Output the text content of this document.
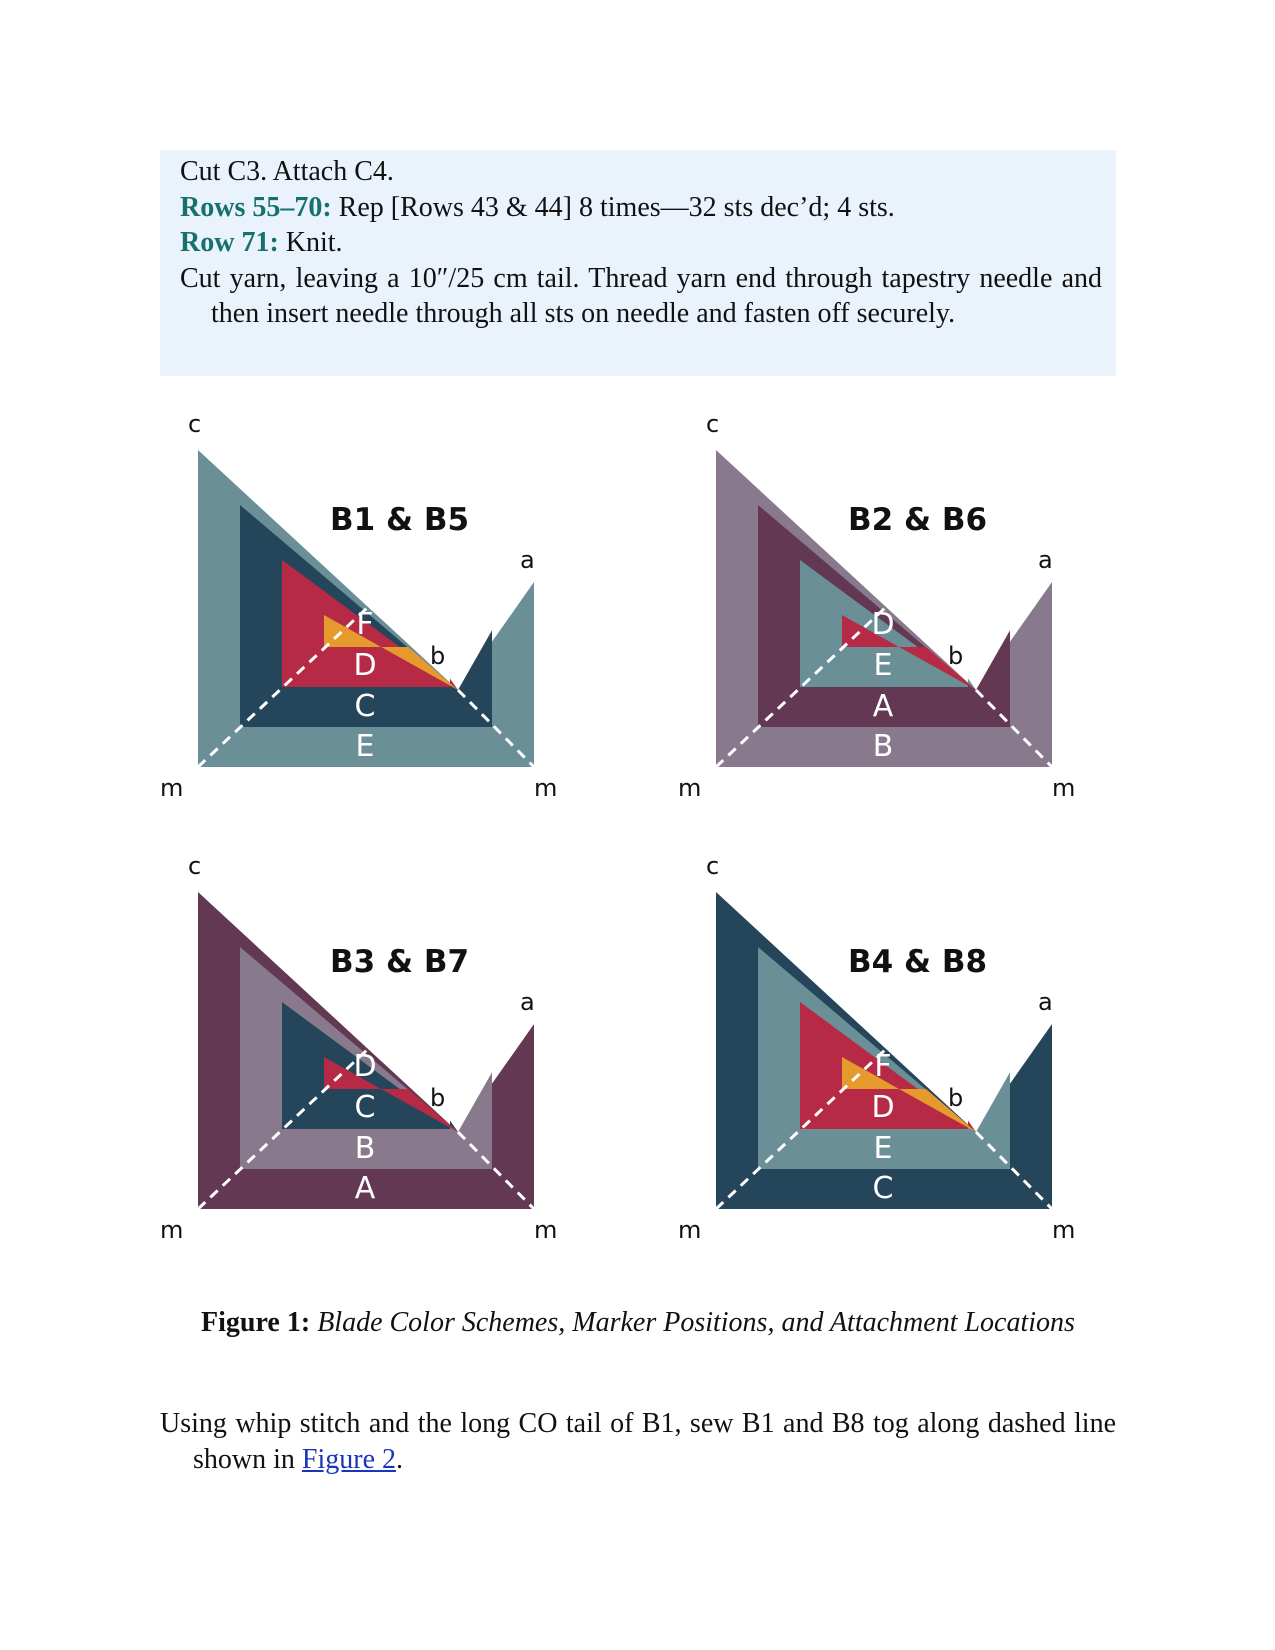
Cut C3. Attach C4.

Rows 55–70: Rep [Rows 43 & 44] 8 times—32 sts dec’d; 4 sts.

Row 71: Knit.

Cut yarn, leaving a 10″/25 cm tail. Thread yarn end through tapestry needle and then insert needle through all sts on needle and fasten off securely.

E
C
D
F
B1 & B5
c
a
b
m	m
B
A
E
D
B2 & B6
c
a
b
m	m
A
B
C
D
B3 & B7
c
a
b
m	m
C
E
D
F
B4 & B8
c
a
b
m	m
Figure 1: Blade Color Schemes, Marker Positions, and Attachment Locations

Using whip stitch and the long CO tail of B1, sew B1 and B8 tog along dashed line shown in Figure 2.
